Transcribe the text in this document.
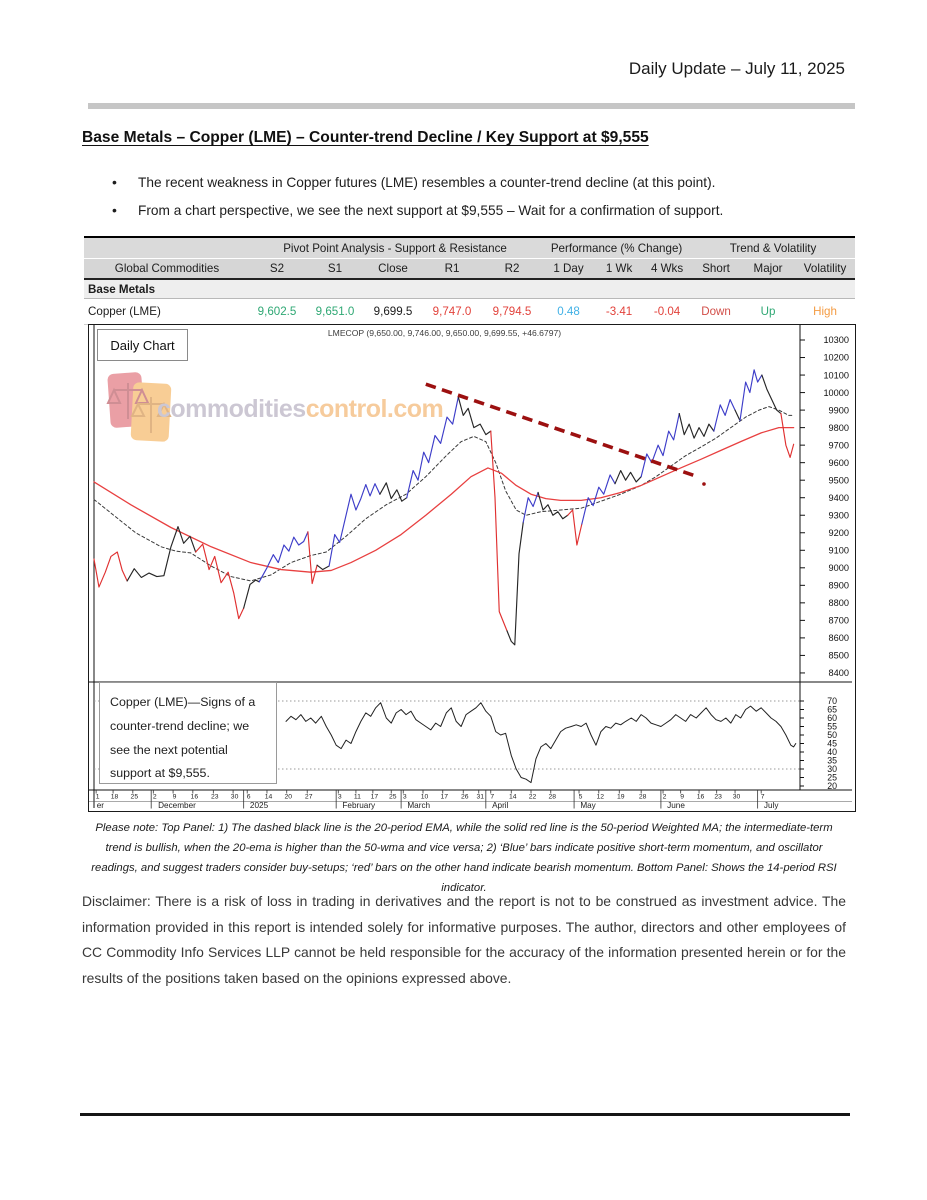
Daily Update – July 11, 2025
Base Metals – Copper (LME) – Counter-trend Decline / Key Support at $9,555
• The recent weakness in Copper futures (LME) resembles a counter-trend decline (at this point).
• From a chart perspective, we see the next support at $9,555 – Wait for a confirmation of support.
	Pivot Point Analysis - Support & Resistance					Performance (% Change)			Trend & Volatility		
Global Commodities	S2	S1	Close	R1	R2	1 Day	1 Wk	4 Wks	Short	Major	Volatility
Base Metals											
Copper (LME)	9,602.5	9,651.0	9,699.5	9,747.0	9,794.5	0.48	-3.41	-0.04	Down	Up	High
commoditiescontrol.com
10300
10200
10100
10000
9900
9800
9700
9600
9500
9400
9300
9200
9100
9000
8900
8800
8700
8600
8500
8400
70
65
60
55
50
45
40
35
30
25
20
1 18 25 2 9 16 23 30 6 14 20 27	3 11 17 25 3 10 17 26 31 7 14 22 28	5 12 19 28 2 9 16 23 30	7
er	December	2025	February	March	April	May	June	July
LMECOP (9,650.00, 9,746.00, 9,650.00, 9,699.55, +46.6797)
Daily Chart
Copper (LME)—Signs of a counter-trend decline; we see the next potential support at $9,555.
Please note: Top Panel: 1) The dashed black line is the 20-period EMA, while the solid red line is the 50-period Weighted MA; the intermediate-term trend is bullish, when the 20-ema is higher than the 50-wma and vice versa; 2) ‘Blue’ bars indicate positive short-term momentum, and oscillator readings, and suggest traders consider buy-setups; ‘red’ bars on the other hand indicate bearish momentum. Bottom Panel: Shows the 14-period RSI indicator.
Disclaimer: There is a risk of loss in trading in derivatives and the report is not to be construed as investment advice. The information provided in this report is intended solely for informative purposes. The author, directors and other employees of CC Commodity Info Services LLP cannot be held responsible for the accuracy of the information presented herein or for the results of the positions taken based on the opinions expressed above.
